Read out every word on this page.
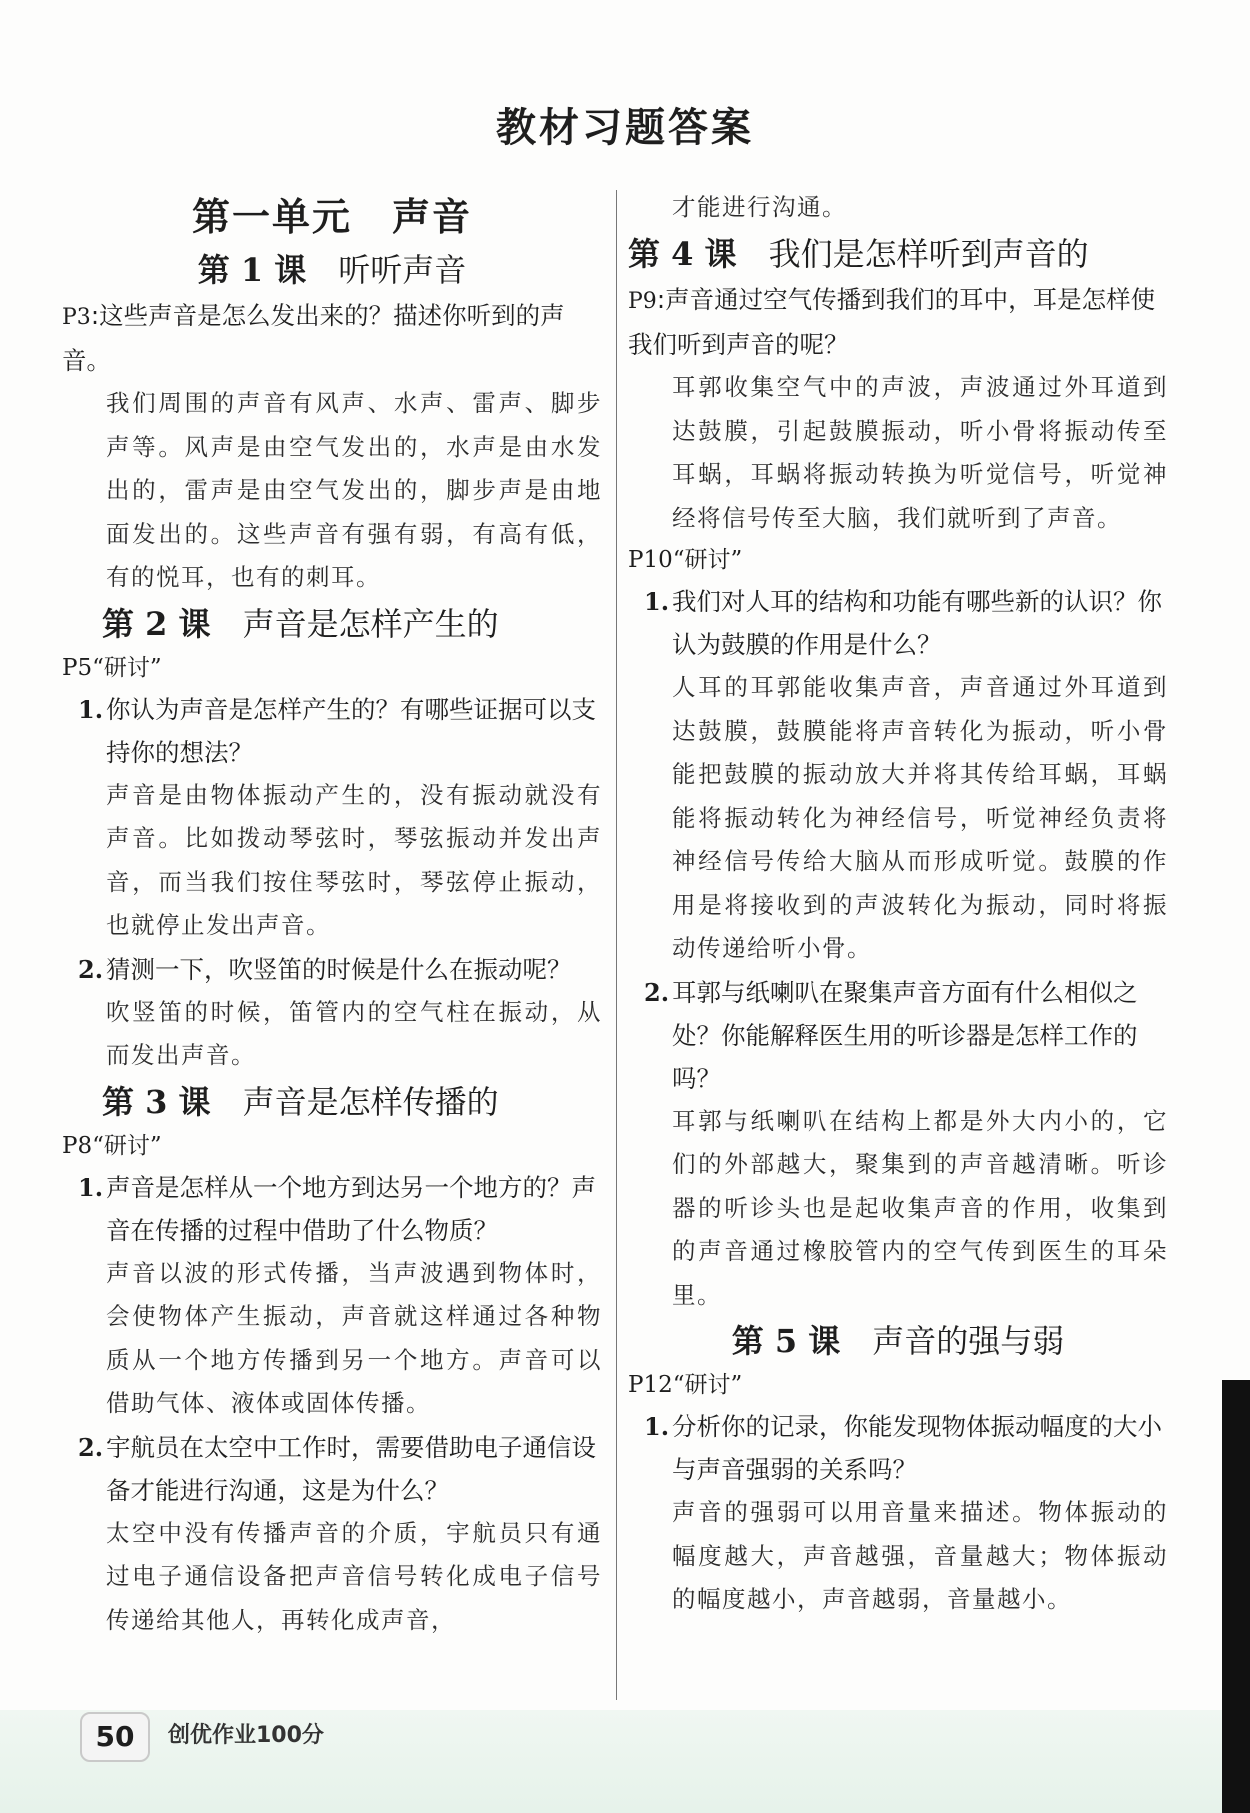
教材习题答案
第一单元　声音
第 1 课　 听听声音
P3:这些声音是怎么发出来的？描述你听到的声音。

我们周围的声音有风声、水声、雷声、脚步声等。风声是由空气发出的，水声是由水发出的，雷声是由空气发出的，脚步声是由地面发出的。这些声音有强有弱，有高有低，有的悦耳，也有的刺耳。

第 2 课　 声音是怎样产生的
P5“研讨”
1. 你认为声音是怎样产生的？有哪些证据可以支持你的想法？

声音是由物体振动产生的，没有振动就没有声音。比如拨动琴弦时，琴弦振动并发出声音，而当我们按住琴弦时，琴弦停止振动，也就停止发出声音。

2. 猜测一下，吹竖笛的时候是什么在振动呢？

吹竖笛的时候，笛管内的空气柱在振动，从而发出声音。

第 3 课　 声音是怎样传播的
P8“研讨”
1. 声音是怎样从一个地方到达另一个地方的？声音在传播的过程中借助了什么物质？

声音以波的形式传播，当声波遇到物体时，会使物体产生振动，声音就这样通过各种物质从一个地方传播到另一个地方。声音可以借助气体、液体或固体传播。

2. 宇航员在太空中工作时，需要借助电子通信设备才能进行沟通，这是为什么？

太空中没有传播声音的介质，宇航员只有通过电子通信设备把声音信号转化成电子信号传递给其他人，再转化成声音，

才能进行沟通。

第 4 课　 我们是怎样听到声音的
P9:声音通过空气传播到我们的耳中，耳是怎样使我们听到声音的呢？

耳郭收集空气中的声波，声波通过外耳道到达鼓膜，引起鼓膜振动，听小骨将振动传至耳蜗，耳蜗将振动转换为听觉信号，听觉神经将信号传至大脑，我们就听到了声音。

P10“研讨”
1. 我们对人耳的结构和功能有哪些新的认识？你认为鼓膜的作用是什么？

人耳的耳郭能收集声音，声音通过外耳道到达鼓膜，鼓膜能将声音转化为振动，听小骨能把鼓膜的振动放大并将其传给耳蜗，耳蜗能将振动转化为神经信号，听觉神经负责将神经信号传给大脑从而形成听觉。鼓膜的作用是将接收到的声波转化为振动，同时将振动传递给听小骨。

2. 耳郭与纸喇叭在聚集声音方面有什么相似之处？你能解释医生用的听诊器是怎样工作的吗？

耳郭与纸喇叭在结构上都是外大内小的，它们的外部越大，聚集到的声音越清晰。听诊器的听诊头也是起收集声音的作用，收集到的声音通过橡胶管内的空气传到医生的耳朵里。

第 5 课　 声音的强与弱
P12“研讨”
1. 分析你的记录，你能发现物体振动幅度的大小与声音强弱的关系吗？

声音的强弱可以用音量来描述。物体振动的幅度越大，声音越强，音量越大；物体振动的幅度越小，声音越弱，音量越小。

50	创优作业100分
